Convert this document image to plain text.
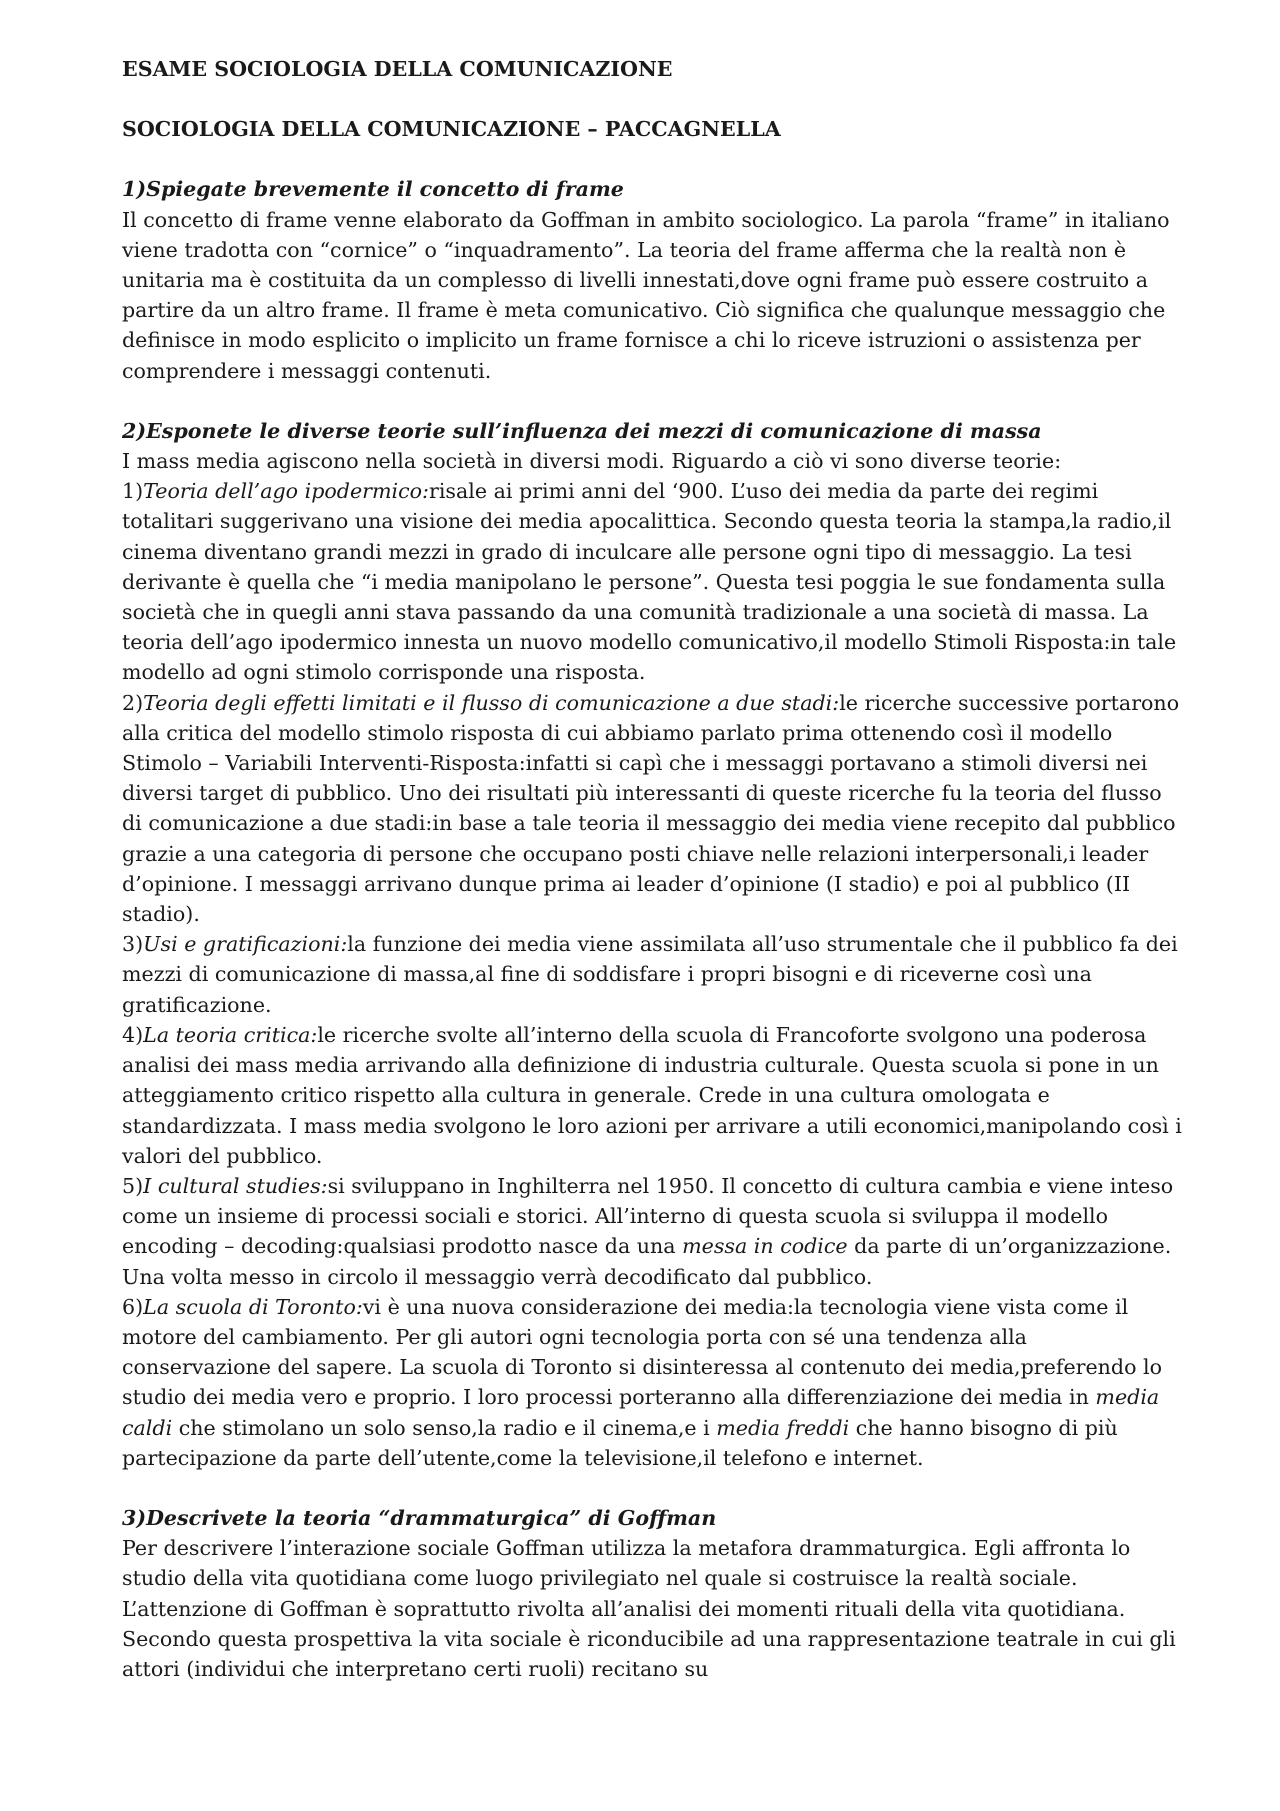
ESAME SOCIOLOGIA DELLA COMUNICAZIONE

SOCIOLOGIA DELLA COMUNICAZIONE – PACCAGNELLA

1)Spiegate brevemente il concetto di frame

Il concetto di frame venne elaborato da Goffman in ambito sociologico. La parola “frame” in italiano viene tradotta con “cornice” o “inquadramento”. La teoria del frame afferma che la realtà non è unitaria ma è costituita da un complesso di livelli innestati,dove ogni frame può essere costruito a partire da un altro frame. Il frame è meta comunicativo. Ciò significa che qualunque messaggio che definisce in modo esplicito o implicito un frame fornisce a chi lo riceve istruzioni o assistenza per comprendere i messaggi contenuti.

2)Esponete le diverse teorie sull’influenza dei mezzi di comunicazione di massa

I mass media agiscono nella società in diversi modi. Riguardo a ciò vi sono diverse teorie:

1)Teoria dell’ago ipodermico:risale ai primi anni del ‘900. L’uso dei media da parte dei regimi totalitari suggerivano una visione dei media apocalittica. Secondo questa teoria la stampa,la radio,il cinema diventano grandi mezzi in grado di inculcare alle persone ogni tipo di messaggio. La tesi derivante è quella che “i media manipolano le persone”. Questa tesi poggia le sue fondamenta sulla società che in quegli anni stava passando da una comunità tradizionale a una società di massa. La teoria dell’ago ipodermico innesta un nuovo modello comunicativo,il modello Stimoli Risposta:in tale modello ad ogni stimolo corrisponde una risposta.

2)Teoria degli effetti limitati e il flusso di comunicazione a due stadi:le ricerche successive portarono alla critica del modello stimolo risposta di cui abbiamo parlato prima ottenendo così il modello Stimolo – Variabili Interventi-Risposta:infatti si capì che i messaggi portavano a stimoli diversi nei diversi target di pubblico. Uno dei risultati più interessanti di queste ricerche fu la teoria del flusso di comunicazione a due stadi:in base a tale teoria il messaggio dei media viene recepito dal pubblico grazie a una categoria di persone che occupano posti chiave nelle relazioni interpersonali,i leader d’opinione. I messaggi arrivano dunque prima ai leader d’opinione (I stadio) e poi al pubblico (II stadio).

3)Usi e gratificazioni:la funzione dei media viene assimilata all’uso strumentale che il pubblico fa dei mezzi di comunicazione di massa,al fine di soddisfare i propri bisogni e di riceverne così una gratificazione.

4)La teoria critica:le ricerche svolte all’interno della scuola di Francoforte svolgono una poderosa analisi dei mass media arrivando alla definizione di industria culturale. Questa scuola si pone in un atteggiamento critico rispetto alla cultura in generale. Crede in una cultura omologata e standardizzata. I mass media svolgono le loro azioni per arrivare a utili economici,manipolando così i valori del pubblico.

5)I cultural studies:si sviluppano in Inghilterra nel 1950. Il concetto di cultura cambia e viene inteso come un insieme di processi sociali e storici. All’interno di questa scuola si sviluppa il modello encoding – decoding:qualsiasi prodotto nasce da una messa in codice da parte di un’organizzazione. Una volta messo in circolo il messaggio verrà decodificato dal pubblico.

6)La scuola di Toronto:vi è una nuova considerazione dei media:la tecnologia viene vista come il motore del cambiamento. Per gli autori ogni tecnologia porta con sé una tendenza alla conservazione del sapere. La scuola di Toronto si disinteressa al contenuto dei media,preferendo lo studio dei media vero e proprio. I loro processi porteranno alla differenziazione dei media in media caldi che stimolano un solo senso,la radio e il cinema,e i media freddi che hanno bisogno di più partecipazione da parte dell’utente,come la televisione,il telefono e internet.

3)Descrivete la teoria “drammaturgica” di Goffman

Per descrivere l’interazione sociale Goffman utilizza la metafora drammaturgica. Egli affronta lo studio della vita quotidiana come luogo privilegiato nel quale si costruisce la realtà sociale. L’attenzione di Goffman è soprattutto rivolta all’analisi dei momenti rituali della vita quotidiana. Secondo questa prospettiva la vita sociale è riconducibile ad una rappresentazione teatrale in cui gli attori (individui che interpretano certi ruoli) recitano su
